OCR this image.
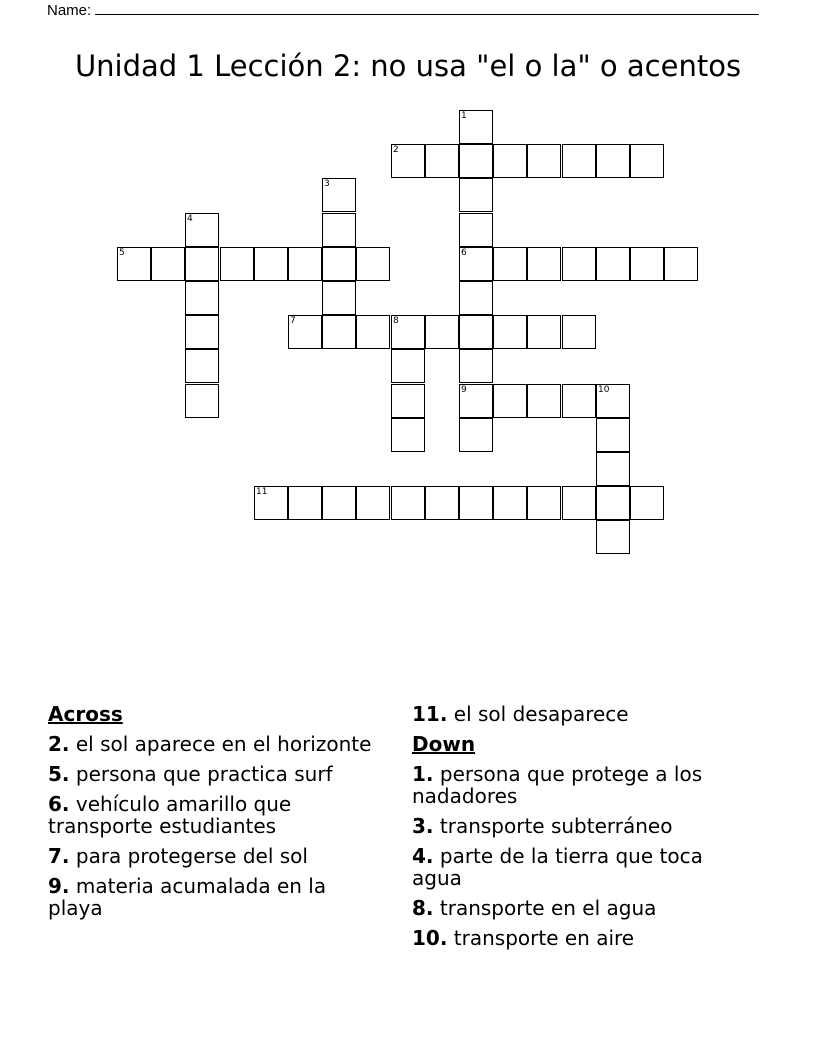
Name:
Unidad 1 Lección 2: no usa "el o la" o acentos
1
2
3
4
5	6
7	8
9	10
11
Across
2. el sol aparece en el horizonte
5. persona que practica surf
6. vehículo amarillo que transporte estudiantes
7. para protegerse del sol
9. materia acumalada en la playa
11. el sol desaparece
Down
1. persona que protege a los nadadores
3. transporte subterráneo
4. parte de la tierra que toca agua
8. transporte en el agua
10. transporte en aire
